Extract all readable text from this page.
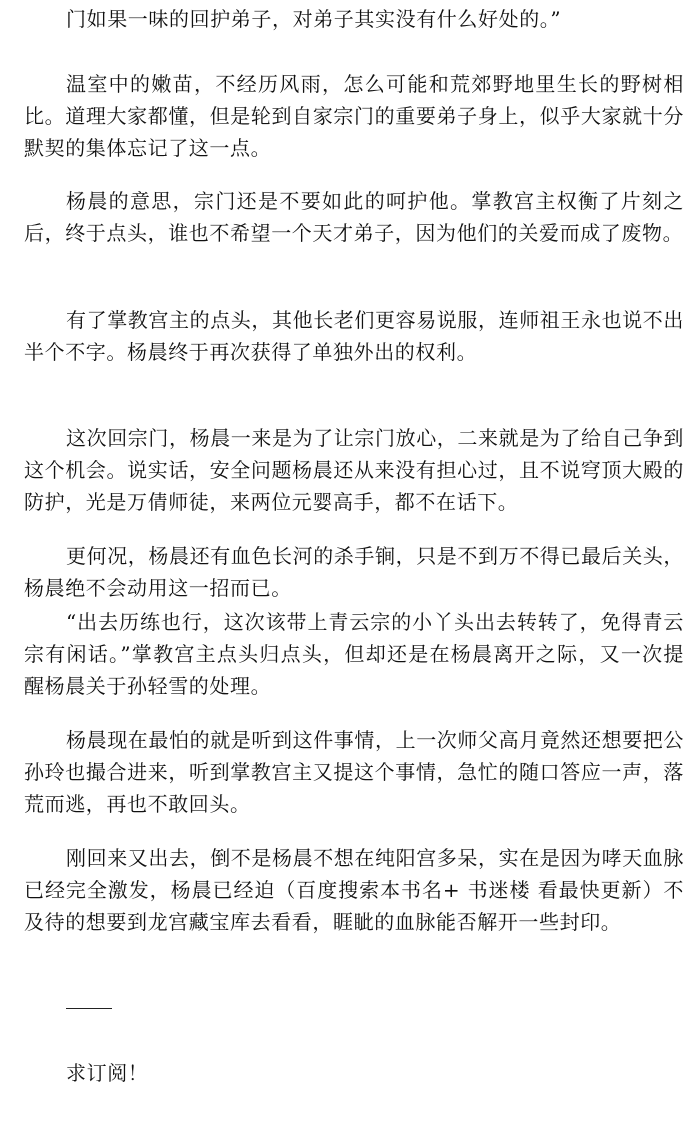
门如果一味的回护弟子，对弟子其实没有什么好处的。”

温室中的嫩苗，不经历风雨，怎么可能和荒郊野地里生长的野树相比。道理大家都懂，但是轮到自家宗门的重要弟子身上，似乎大家就十分默契的集体忘记了这一点。

杨晨的意思，宗门还是不要如此的呵护他。掌教宫主权衡了片刻之后，终于点头，谁也不希望一个天才弟子，因为他们的关爱而成了废物。

有了掌教宫主的点头，其他长老们更容易说服，连师祖王永也说不出半个不字。杨晨终于再次获得了单独外出的权利。

这次回宗门，杨晨一来是为了让宗门放心，二来就是为了给自己争到这个机会。说实话，安全问题杨晨还从来没有担心过，且不说穹顶大殿的防护，光是万倩师徒，来两位元婴高手，都不在话下。

更何况，杨晨还有血色长河的杀手锏，只是不到万不得已最后关头，杨晨绝不会动用这一招而已。

“出去历练也行，这次该带上青云宗的小丫头出去转转了，免得青云宗有闲话。”掌教宫主点头归点头，但却还是在杨晨离开之际，又一次提醒杨晨关于孙轻雪的处理。

杨晨现在最怕的就是听到这件事情，上一次师父高月竟然还想要把公孙玲也撮合进来，听到掌教宫主又提这个事情，急忙的随口答应一声，落荒而逃，再也不敢回头。

刚回来又出去，倒不是杨晨不想在纯阳宫多呆，实在是因为哮天血脉已经完全激发，杨晨已经迫（百度搜索本书名+ 书迷楼 看最快更新）不及待的想要到龙宫藏宝库去看看，睚眦的血脉能否解开一些封印。

求订阅！
